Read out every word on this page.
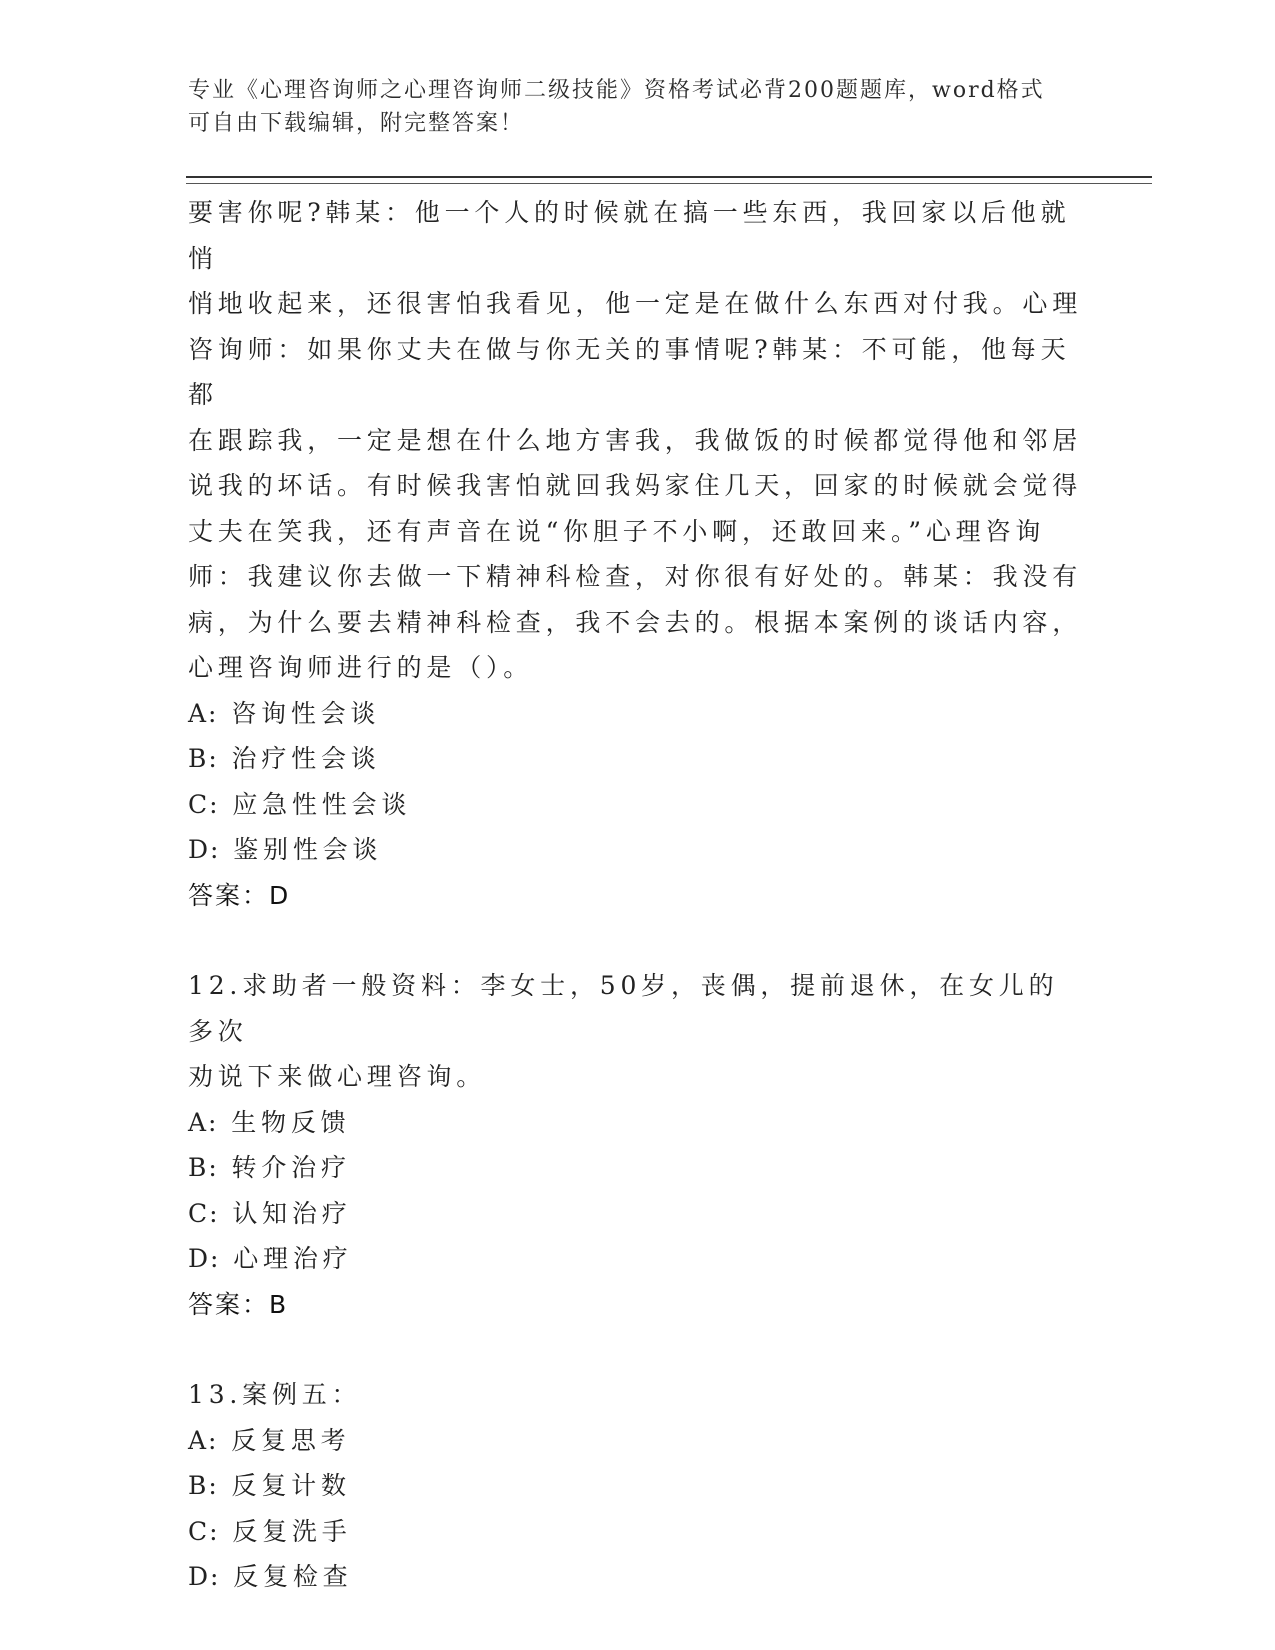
专业《心理咨询师之心理咨询师二级技能》资格考试必背200题题库，word格式
可自由下载编辑，附完整答案！
要害你呢?韩某：他一个人的时候就在搞一些东西，我回家以后他就悄
悄地收起来，还很害怕我看见，他一定是在做什么东西对付我。心理
咨询师：如果你丈夫在做与你无关的事情呢?韩某：不可能，他每天都
在跟踪我，一定是想在什么地方害我，我做饭的时候都觉得他和邻居
说我的坏话。有时候我害怕就回我妈家住几天，回家的时候就会觉得
丈夫在笑我，还有声音在说“你胆子不小啊，还敢回来。”心理咨询
师：我建议你去做一下精神科检查，对你很有好处的。韩某：我没有
病，为什么要去精神科检查，我不会去的。根据本案例的谈话内容，
心理咨询师进行的是（）。
A: 咨询性会谈
B: 治疗性会谈
C: 应急性性会谈
D: 鉴别性会谈
答案：D
12.求助者一般资料：李女士，50岁，丧偶，提前退休，在女儿的多次
劝说下来做心理咨询。
A: 生物反馈
B: 转介治疗
C: 认知治疗
D: 心理治疗
答案：B
13.案例五：
A: 反复思考
B: 反复计数
C: 反复洗手
D: 反复检查
